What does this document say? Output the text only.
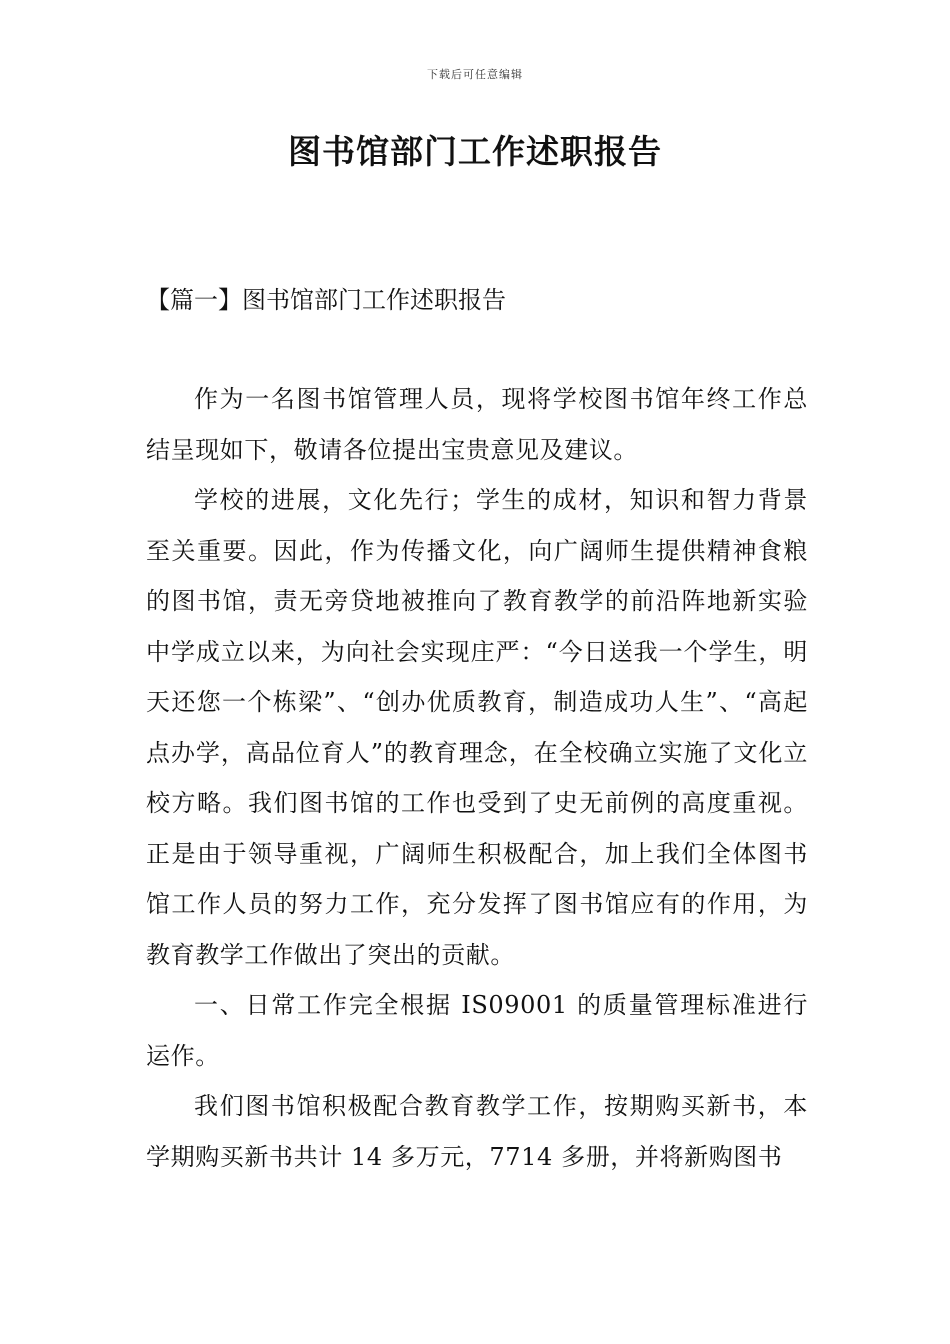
下载后可任意编辑
图书馆部门工作述职报告

【篇一】图书馆部门工作述职报告

作为一名图书馆管理人员，现将学校图书馆年终工作总结呈现如下，敬请各位提出宝贵意见及建议。

学校的进展，文化先行；学生的成材，知识和智力背景至关重要。因此，作为传播文化，向广阔师生提供精神食粮的图书馆，责无旁贷地被推向了教育教学的前沿阵地新实验中学成立以来，为向社会实现庄严：“今日送我一个学生，明天还您一个栋梁”、“创办优质教育，制造成功人生”、“高起点办学，高品位育人”的教育理念，在全校确立实施了文化立校方略。我们图书馆的工作也受到了史无前例的高度重视。正是由于领导重视，广阔师生积极配合，加上我们全体图书馆工作人员的努力工作，充分发挥了图书馆应有的作用，为教育教学工作做出了突出的贡献。

一、日常工作完全根据 IS09001 的质量管理标准进行运作。

我们图书馆积极配合教育教学工作，按期购买新书，本学期购买新书共计 14 多万元，7714 多册，并将新购图书
